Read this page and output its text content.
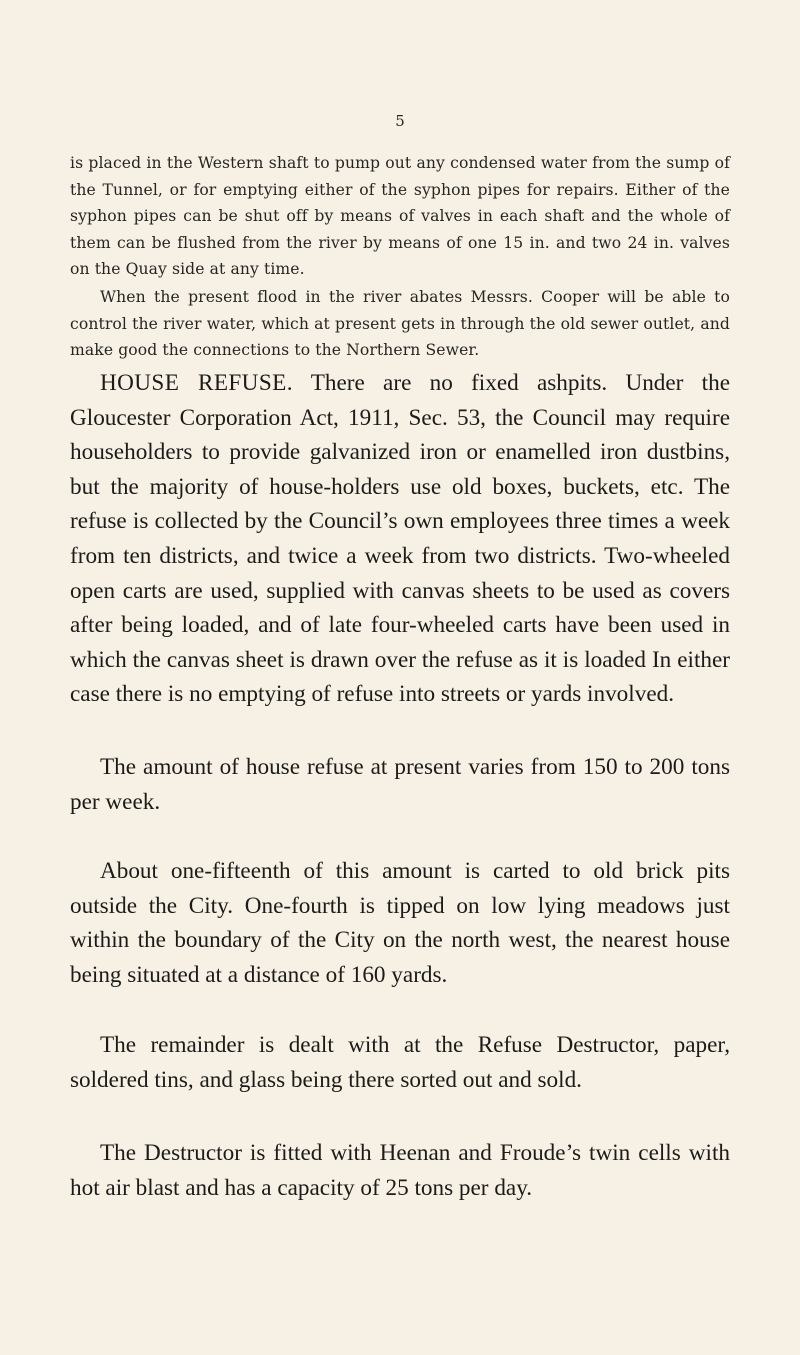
5

is placed in the Western shaft to pump out any condensed water from the sump of the Tunnel, or for emptying either of the syphon pipes for repairs. Either of the syphon pipes can be shut off by means of valves in each shaft and the whole of them can be flushed from the river by means of one 15 in. and two 24 in. valves on the Quay side at any time.

When the present flood in the river abates Messrs. Cooper will be able to control the river water, which at present gets in through the old sewer outlet, and make good the connections to the Northern Sewer.

HOUSE REFUSE. There are no fixed ashpits. Under the Gloucester Corporation Act, 1911, Sec. 53, the Council may require householders to provide galvanized iron or enamelled iron dustbins, but the majority of house-holders use old boxes, buckets, etc. The refuse is collected by the Council’s own employees three times a week from ten districts, and twice a week from two districts. Two-wheeled open carts are used, supplied with canvas sheets to be used as covers after being loaded, and of late four-wheeled carts have been used in which the canvas sheet is drawn over the refuse as it is loaded In either case there is no emptying of refuse into streets or yards involved.

The amount of house refuse at present varies from 150 to 200 tons per week.

About one-fifteenth of this amount is carted to old brick pits outside the City. One-fourth is tipped on low lying meadows just within the boundary of the City on the north west, the nearest house being situated at a distance of 160 yards.

The remainder is dealt with at the Refuse Destructor, paper, soldered tins, and glass being there sorted out and sold.

The Destructor is fitted with Heenan and Froude’s twin cells with hot air blast and has a capacity of 25 tons per day.
